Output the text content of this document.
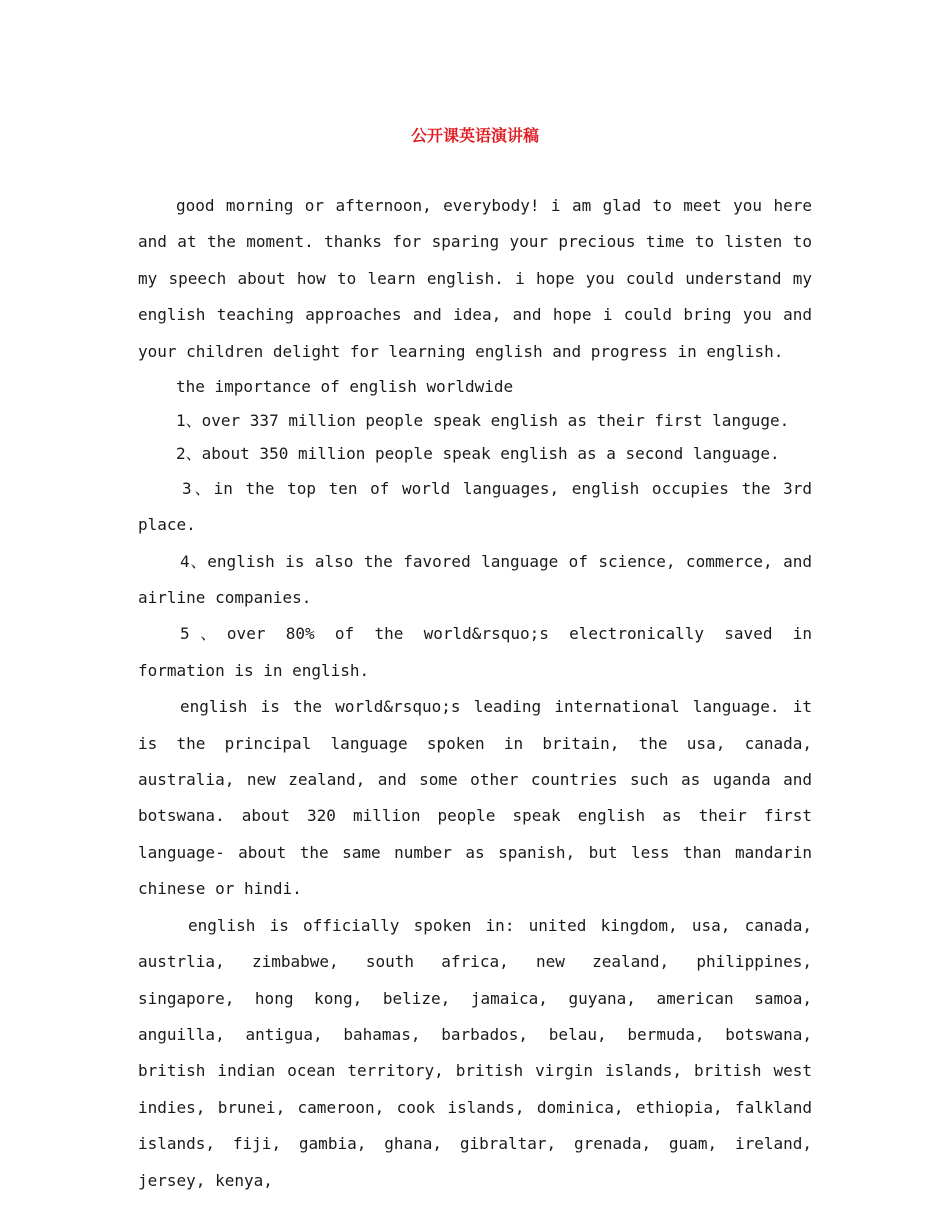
公开课英语演讲稿

good morning or afternoon, everybody! i am glad to meet you here and at the moment. thanks for sparing your precious time to listen to my speech about how to learn english. i hope you could understand my english teaching approaches and idea, and hope i could bring you and your children delight for learning english and progress in english.

the importance of english worldwide

1、over 337 million people speak english as their first languge.

2、about 350 million people speak english as a second language.

3、in the top ten of world languages, english occupies the 3rd place.

4、english is also the favored language of science, commerce, and airline companies.

5、over 80% of the world&rsquo;s electronically saved in formation is in english.

english is the world&rsquo;s leading international language. it is the principal language spoken in britain, the usa, canada, australia, new zealand, and some other countries such as uganda and botswana. about 320 million people speak english as their first language- about the same number as spanish, but less than mandarin chinese or hindi.

english is officially spoken in: united kingdom, usa, canada, austrlia, zimbabwe, south africa, new zealand, philippines, singapore, hong kong, belize, jamaica, guyana, american samoa, anguilla, antigua, bahamas, barbados, belau, bermuda, botswana, british indian ocean territory, british virgin islands, british west indies, brunei, cameroon, cook islands, dominica, ethiopia, falkland islands, fiji, gambia, ghana, gibraltar, grenada, guam, ireland, jersey, kenya,
